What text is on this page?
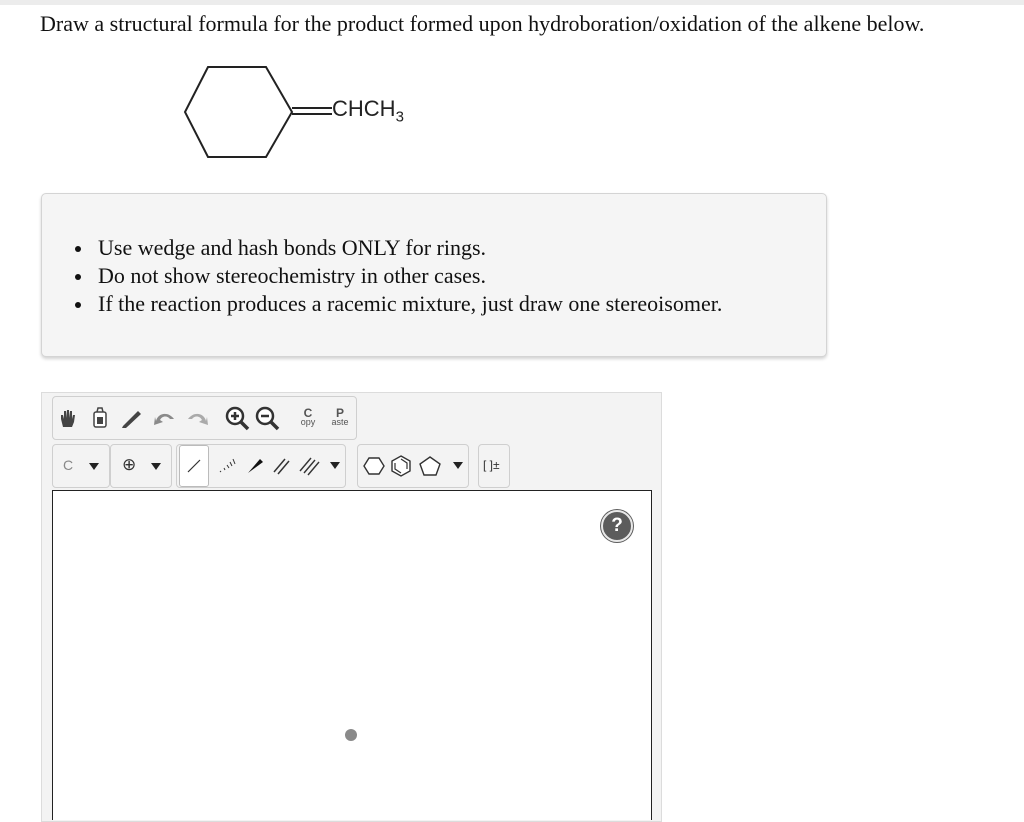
Draw a structural formula for the product formed upon hydroboration/oxidation of the alkene below.
$CHCH_3$
Use wedge and hash bonds ONLY for rings.
Do not show stereochemistry in other cases.
If the reaction produces a racemic mixture, just draw one stereoisomer.
C
opy
P
aste
C	⊕	[ ]±
?
